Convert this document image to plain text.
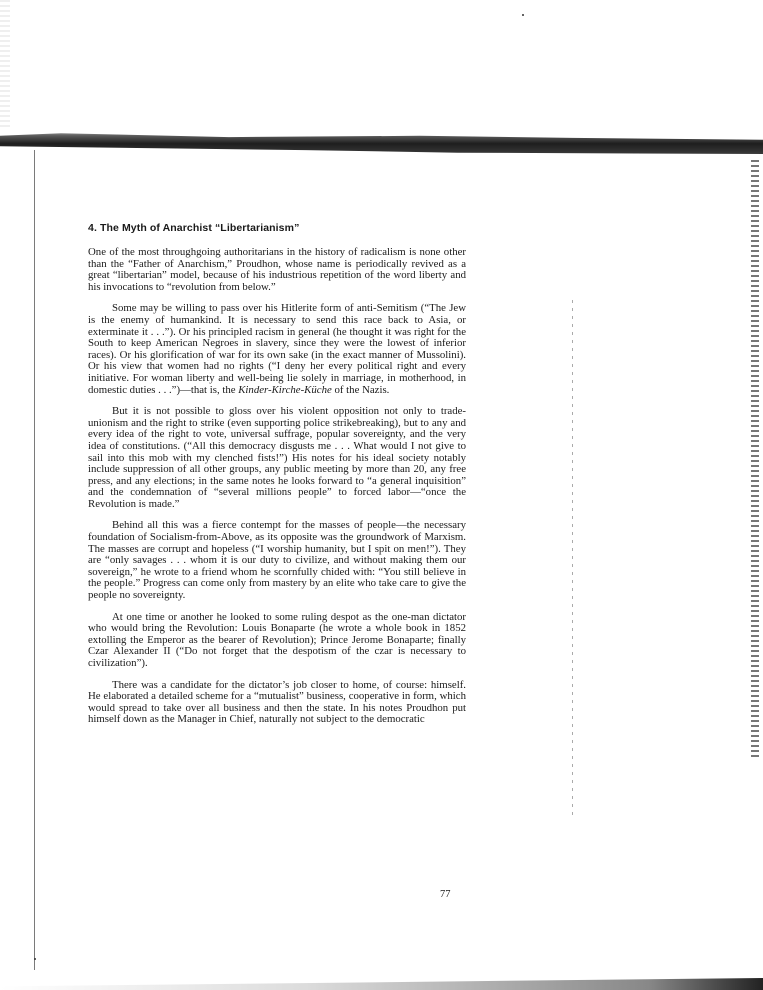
4. The Myth of Anarchist “Libertarianism”

One of the most throughgoing authoritarians in the history of radicalism is none other than the “Father of Anarchism,” Proudhon, whose name is periodically revived as a great “libertarian” model, because of his industrious repetition of the word liberty and his invocations to “revolution from below.”

Some may be willing to pass over his Hitlerite form of anti-Semitism (“The Jew is the enemy of humankind. It is necessary to send this race back to Asia, or exterminate it . . .”). Or his principled racism in general (he thought it was right for the South to keep American Negroes in slavery, since they were the lowest of inferior races). Or his glorification of war for its own sake (in the exact manner of Mussolini). Or his view that women had no rights (“I deny her every political right and every initiative. For woman liberty and well-being lie solely in marriage, in motherhood, in domestic duties . . .”)—that is, the Kinder-Kirche-Küche of the Nazis.

But it is not possible to gloss over his violent opposition not only to trade-unionism and the right to strike (even supporting police strikebreaking), but to any and every idea of the right to vote, universal suffrage, popular sovereignty, and the very idea of constitutions. (“All this democracy disgusts me . . . What would I not give to sail into this mob with my clenched fists!”) His notes for his ideal society notably include suppression of all other groups, any public meeting by more than 20, any free press, and any elections; in the same notes he looks forward to “a general inquisition” and the condemnation of “several millions people” to forced labor—“once the Revolution is made.”

Behind all this was a fierce contempt for the masses of people—the necessary foundation of Socialism-from-Above, as its opposite was the groundwork of Marxism. The masses are corrupt and hopeless (“I worship humanity, but I spit on men!”). They are “only savages . . . whom it is our duty to civilize, and without making them our sovereign,” he wrote to a friend whom he scornfully chided with: “You still believe in the people.” Progress can come only from mastery by an elite who take care to give the people no sovereignty.

At one time or another he looked to some ruling despot as the one-man dictator who would bring the Revolution: Louis Bonaparte (he wrote a whole book in 1852 extolling the Emperor as the bearer of Revolution); Prince Jerome Bonaparte; finally Czar Alexander II (“Do not forget that the despotism of the czar is necessary to civilization”).

There was a candidate for the dictator’s job closer to home, of course: himself. He elaborated a detailed scheme for a “mutualist” business, cooperative in form, which would spread to take over all business and then the state. In his notes Proudhon put himself down as the Manager in Chief, naturally not subject to the democratic

77
